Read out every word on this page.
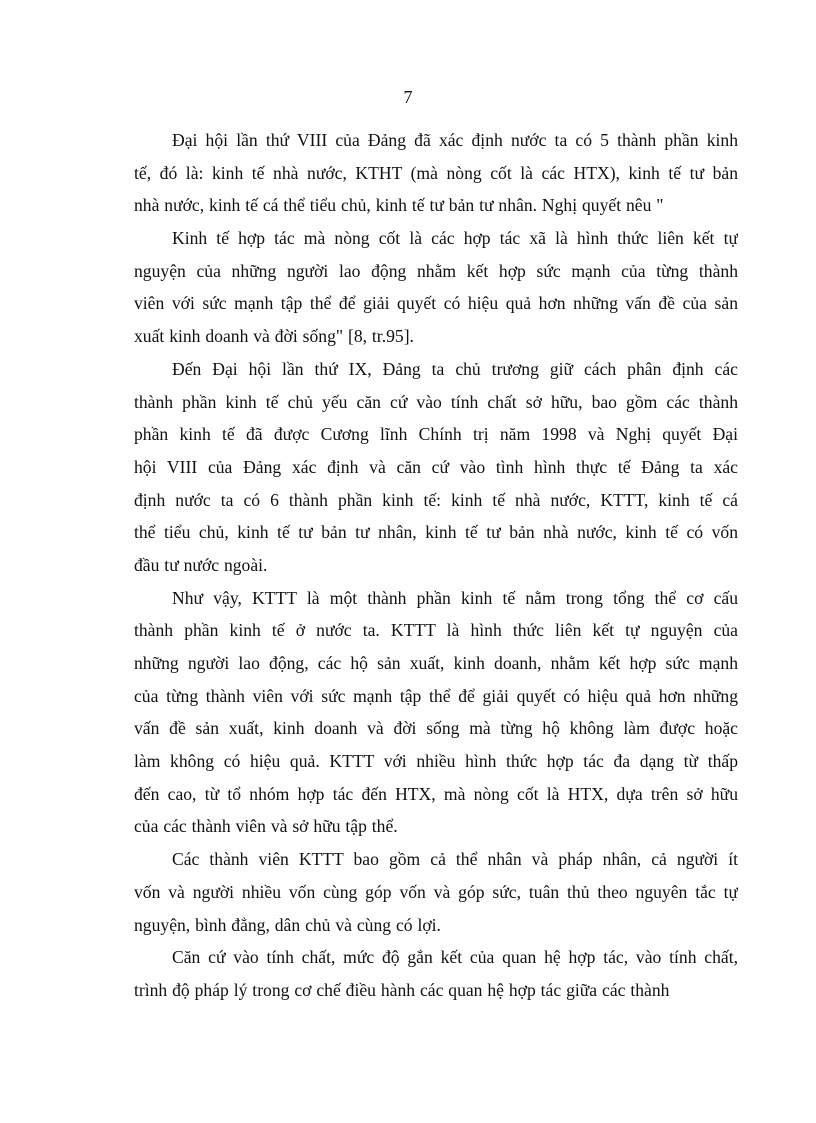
7
Đại hội lần thứ VIII của Đảng đã xác định nước ta có 5 thành phần kinh
tế, đó là: kinh tế nhà nước, KTHT (mà nòng cốt là các HTX), kinh tế tư bản
nhà nước, kinh tế cá thể tiểu chủ, kinh tế tư bản tư nhân. Nghị quyết nêu "
Kinh tế hợp tác mà nòng cốt là các hợp tác xã là hình thức liên kết tự
nguyện của những người lao động nhằm kết hợp sức mạnh của từng thành
viên với sức mạnh tập thể để giải quyết có hiệu quả hơn những vấn đề của sản
xuất kinh doanh và đời sống" [8, tr.95].
Đến Đại hội lần thứ IX, Đảng ta chủ trương giữ cách phân định các
thành phần kinh tế chủ yếu căn cứ vào tính chất sở hữu, bao gồm các thành
phần kinh tế đã được Cương lĩnh Chính trị năm 1998 và Nghị quyết Đại
hội VIII của Đảng xác định và căn cứ vào tình hình thực tế Đảng ta xác
định nước ta có 6 thành phần kinh tế: kinh tế nhà nước, KTTT, kinh tế cá
thể tiểu chủ, kinh tế tư bản tư nhân, kinh tế tư bản nhà nước, kinh tế có vốn
đầu tư nước ngoài.
Như vậy, KTTT là một thành phần kinh tế nằm trong tổng thể cơ cấu
thành phần kinh tế ở nước ta. KTTT là hình thức liên kết tự nguyện của
những người lao động, các hộ sản xuất, kinh doanh, nhằm kết hợp sức mạnh
của từng thành viên với sức mạnh tập thể để giải quyết có hiệu quả hơn những
vấn đề sản xuất, kinh doanh và đời sống mà từng hộ không làm được hoặc
làm không có hiệu quả. KTTT với nhiều hình thức hợp tác đa dạng từ thấp
đến cao, từ tổ nhóm hợp tác đến HTX, mà nòng cốt là HTX, dựa trên sở hữu
của các thành viên và sở hữu tập thể.
Các thành viên KTTT bao gồm cả thể nhân và pháp nhân, cả người ít
vốn và người nhiều vốn cùng góp vốn và góp sức, tuân thủ theo nguyên tắc tự
nguyện, bình đẳng, dân chủ và cùng có lợi.
Căn cứ vào tính chất, mức độ gắn kết của quan hệ hợp tác, vào tính chất,
trình độ pháp lý trong cơ chế điều hành các quan hệ hợp tác giữa các thành
